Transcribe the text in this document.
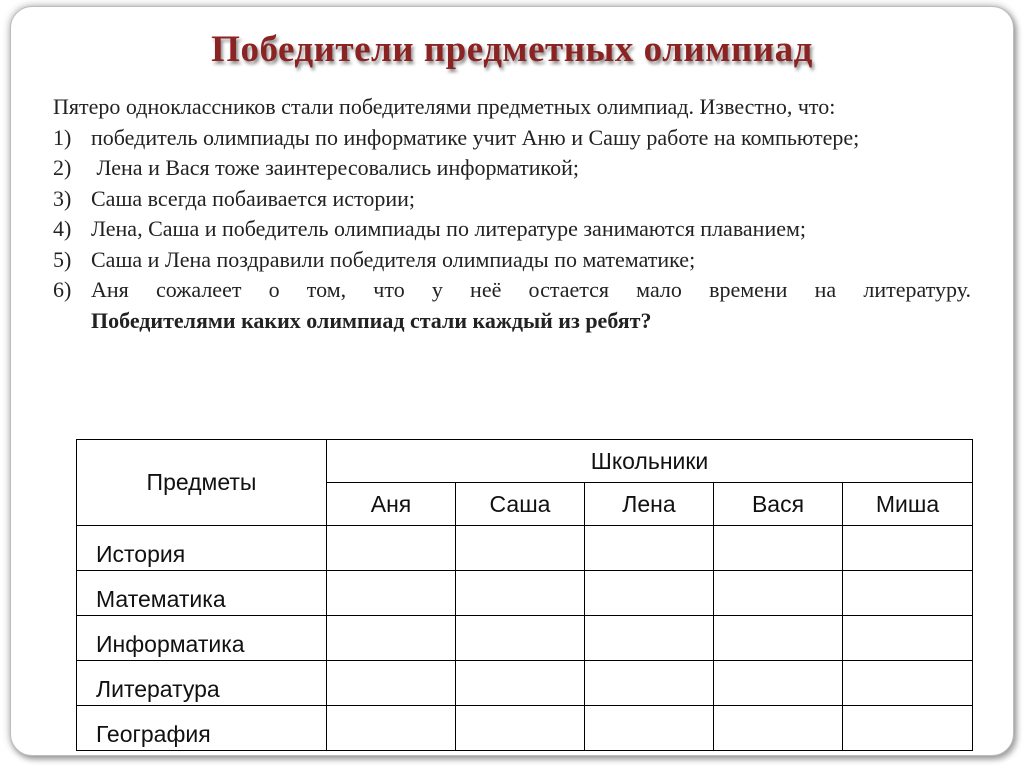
Победители предметных олимпиад
Пятеро одноклассников стали победителями предметных олимпиад. Известно, что:
1) победитель олимпиады по информатике учит Аню и Сашу работе на компьютере;
2) Лена и Вася тоже заинтересовались информатикой;
3) Саша всегда побаивается истории;
4) Лена, Саша и победитель олимпиады по литературе занимаются плаванием;
5) Саша и Лена поздравили победителя олимпиады по математике;
6) Аня сожалеет о том, что у неё остается мало времени на литературу.
Победителями каких олимпиад стали каждый из ребят?
Предметы	Школьники				
	Аня	Саша	Лена	Вася	Миша
История					
Математика					
Информатика					
Литература					
География					
